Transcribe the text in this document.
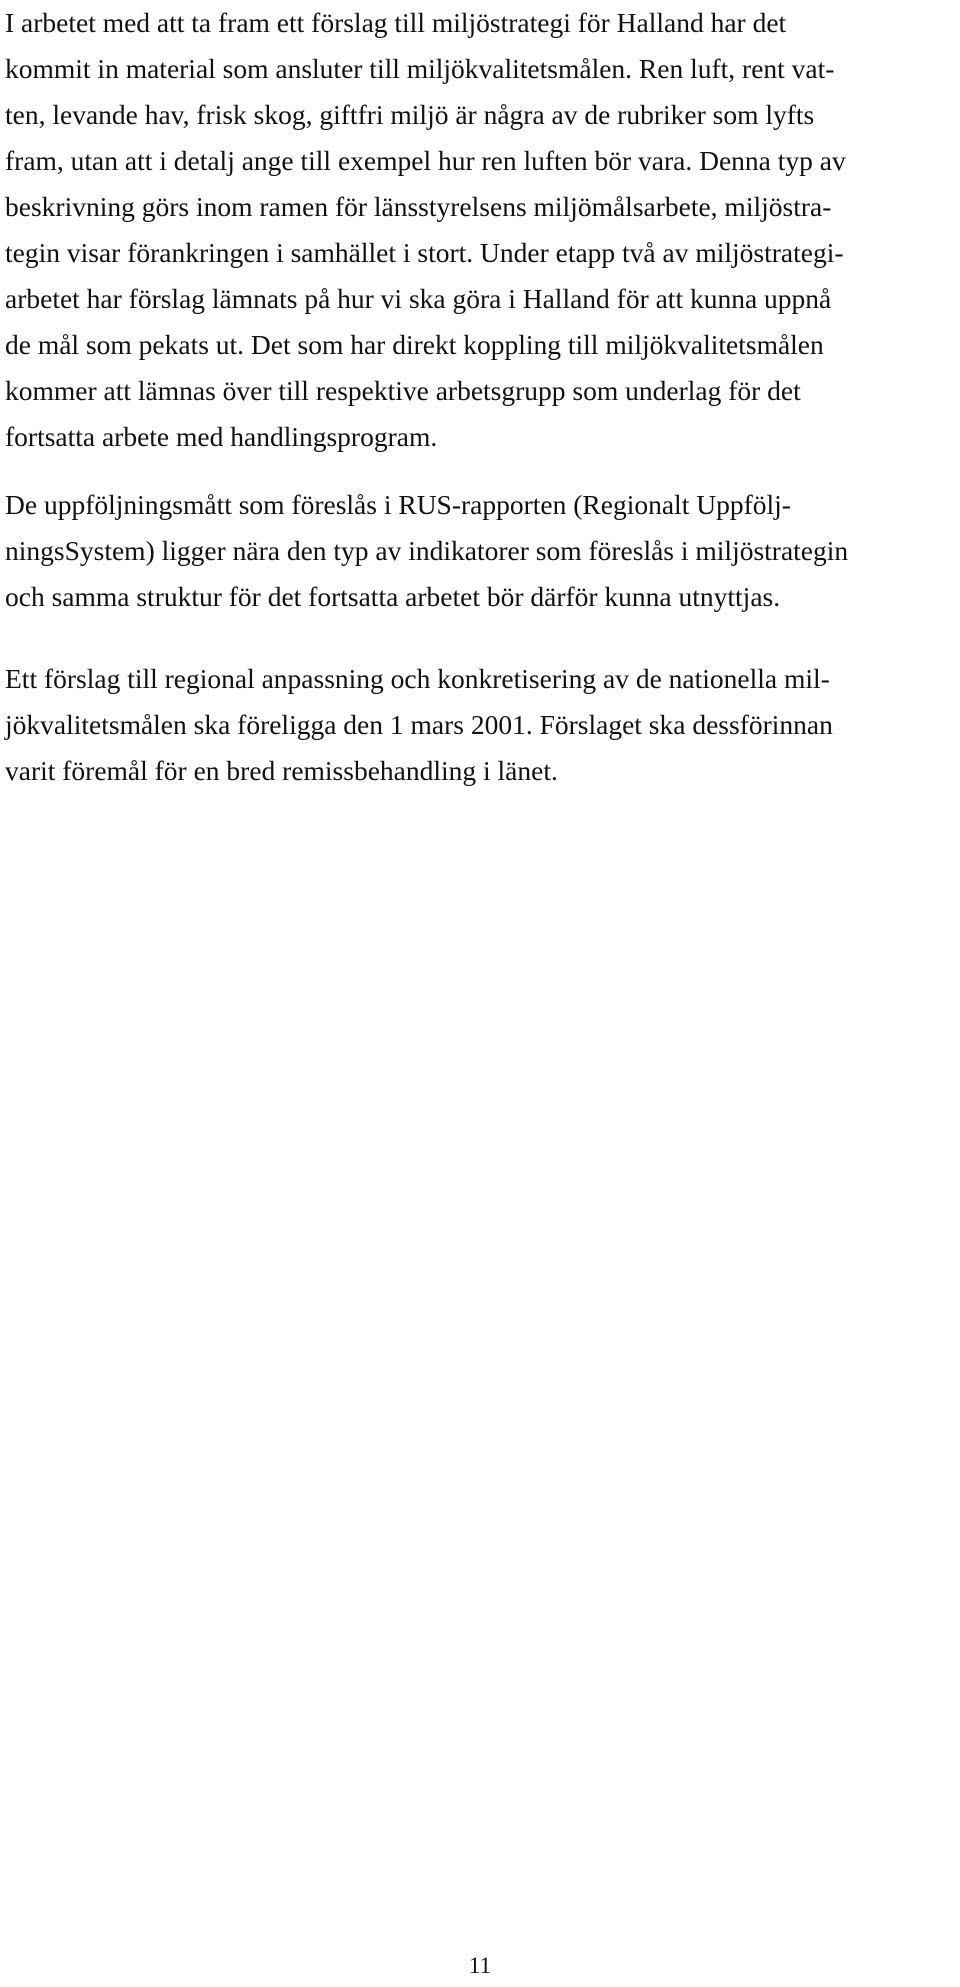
I arbetet med att ta fram ett förslag till miljöstrategi för Halland har det
kommit in material som ansluter till miljökvalitetsmålen. Ren luft, rent vat-
ten, levande hav, frisk skog, giftfri miljö är några av de rubriker som lyfts
fram, utan att i detalj ange till exempel hur ren luften bör vara. Denna typ av
beskrivning görs inom ramen för länsstyrelsens miljömålsarbete, miljöstra-
tegin visar förankringen i samhället i stort. Under etapp två av miljöstrategi-
arbetet har förslag lämnats på hur vi ska göra i Halland för att kunna uppnå
de mål som pekats ut. Det som har direkt koppling till miljökvalitetsmålen
kommer att lämnas över till respektive arbetsgrupp som underlag för det
fortsatta arbete med handlingsprogram.

De uppföljningsmått som föreslås i RUS-rapporten (Regionalt Uppfölj-
ningsSystem) ligger nära den typ av indikatorer som föreslås i miljöstrategin
och samma struktur för det fortsatta arbetet bör därför kunna utnyttjas.

Ett förslag till regional anpassning och konkretisering av de nationella mil-
jökvalitetsmålen ska föreligga den 1 mars 2001. Förslaget ska dessförinnan
varit föremål för en bred remissbehandling i länet.

11
